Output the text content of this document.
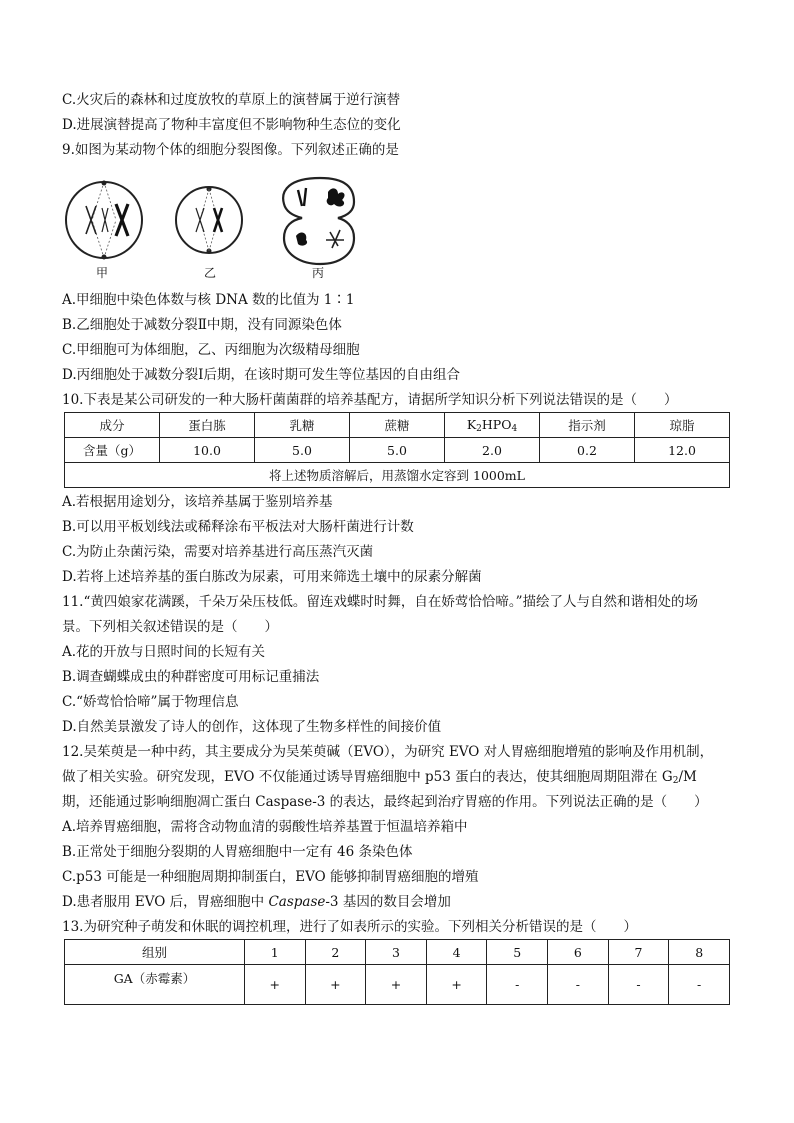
C.火灾后的森林和过度放牧的草原上的演替属于逆行演替
D.进展演替提高了物种丰富度但不影响物种生态位的变化
9.如图为某动物个体的细胞分裂图像。下列叙述正确的是
甲	乙	丙
A.甲细胞中染色体数与核 DNA 数的比值为 1∶1
B.乙细胞处于减数分裂Ⅱ中期，没有同源染色体
C.甲细胞可为体细胞，乙、丙细胞为次级精母细胞
D.丙细胞处于减数分裂Ⅰ后期，在该时期可发生等位基因的自由组合
10.下表是某公司研发的一种大肠杆菌菌群的培养基配方，请据所学知识分析下列说法错误的是（　　）
成分	蛋白胨	乳糖	蔗糖	$K_2HPO_4$	指示剂	琼脂
含量（g）	10.0	5.0	5.0	2.0	0.2	12.0
将上述物质溶解后，用蒸馏水定容到 1000mL						
A.若根据用途划分，该培养基属于鉴别培养基
B.可以用平板划线法或稀释涂布平板法对大肠杆菌进行计数
C.为防止杂菌污染，需要对培养基进行高压蒸汽灭菌
D.若将上述培养基的蛋白胨改为尿素，可用来筛选土壤中的尿素分解菌
11.“黄四娘家花满蹊，千朵万朵压枝低。留连戏蝶时时舞，自在娇莺恰恰啼。”描绘了人与自然和谐相处的场
景。下列相关叙述错误的是（　　）
A.花的开放与日照时间的长短有关
B.调查蝴蝶成虫的种群密度可用标记重捕法
C.“娇莺恰恰啼”属于物理信息
D.自然美景激发了诗人的创作，这体现了生物多样性的间接价值
12.吴茱萸是一种中药，其主要成分为吴茱萸碱（EVO），为研究 EVO 对人胃癌细胞增殖的影响及作用机制，
做了相关实验。研究发现，EVO 不仅能通过诱导胃癌细胞中 p53 蛋白的表达，使其细胞周期阻滞在 $G_2/M$
期，还能通过影响细胞凋亡蛋白 Caspase-3 的表达，最终起到治疗胃癌的作用。下列说法正确的是（　　）
A.培养胃癌细胞，需将含动物血清的弱酸性培养基置于恒温培养箱中
B.正常处于细胞分裂期的人胃癌细胞中一定有 46 条染色体
C.p53 可能是一种细胞周期抑制蛋白，EVO 能够抑制胃癌细胞的增殖
D.患者服用 EVO 后，胃癌细胞中 Caspase-3 基因的数目会增加
13.为研究种子萌发和休眠的调控机理，进行了如表所示的实验。下列相关分析错误的是（　　）
组别	1	2	3	4	5	6	7	8
GA（赤霉素）	+	+	+	+	-	-	-	-
